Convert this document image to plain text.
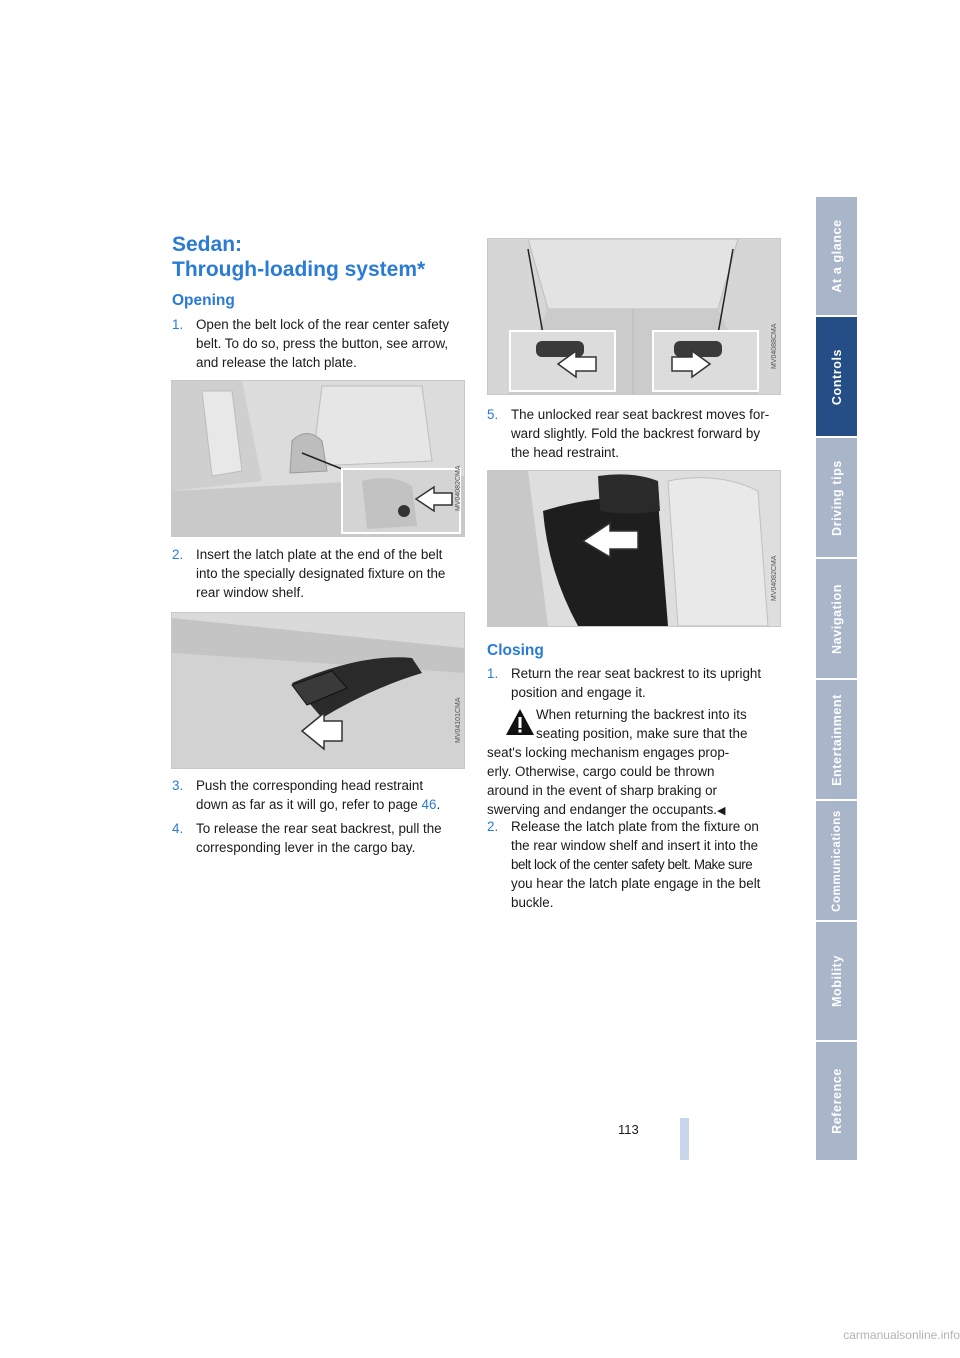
Sedan:
Through-loading system*
Opening
1. Open the belt lock of the rear center safety
belt. To do so, press the button, see arrow,
and release the latch plate.
MV04082CMA
2. Insert the latch plate at the end of the belt
into the specially designated fixture on the
rear window shelf.
MV04101CMA
3. Push the corresponding head restraint
down as far as it will go, refer to page 46.
4. To release the rear seat backrest, pull the
corresponding lever in the cargo bay.
MV04088CMA
5. The unlocked rear seat backrest moves for-
ward slightly. Fold the backrest forward by
the head restraint.
MV04082CMA
Closing
1. Return the rear seat backrest to its upright
position and engage it.
When returning the backrest into its
seating position, make sure that the
seat's locking mechanism engages prop-
erly. Otherwise, cargo could be thrown
around in the event of sharp braking or
swerving and endanger the occupants.◀
2. Release the latch plate from the fixture on
the rear window shelf and insert it into the
belt lock of the center safety belt. Make sure
you hear the latch plate engage in the belt
buckle.
At a glance
Controls
Driving tips
Navigation
Entertainment
Communications
Mobility
Reference
113
carmanualsonline.info
